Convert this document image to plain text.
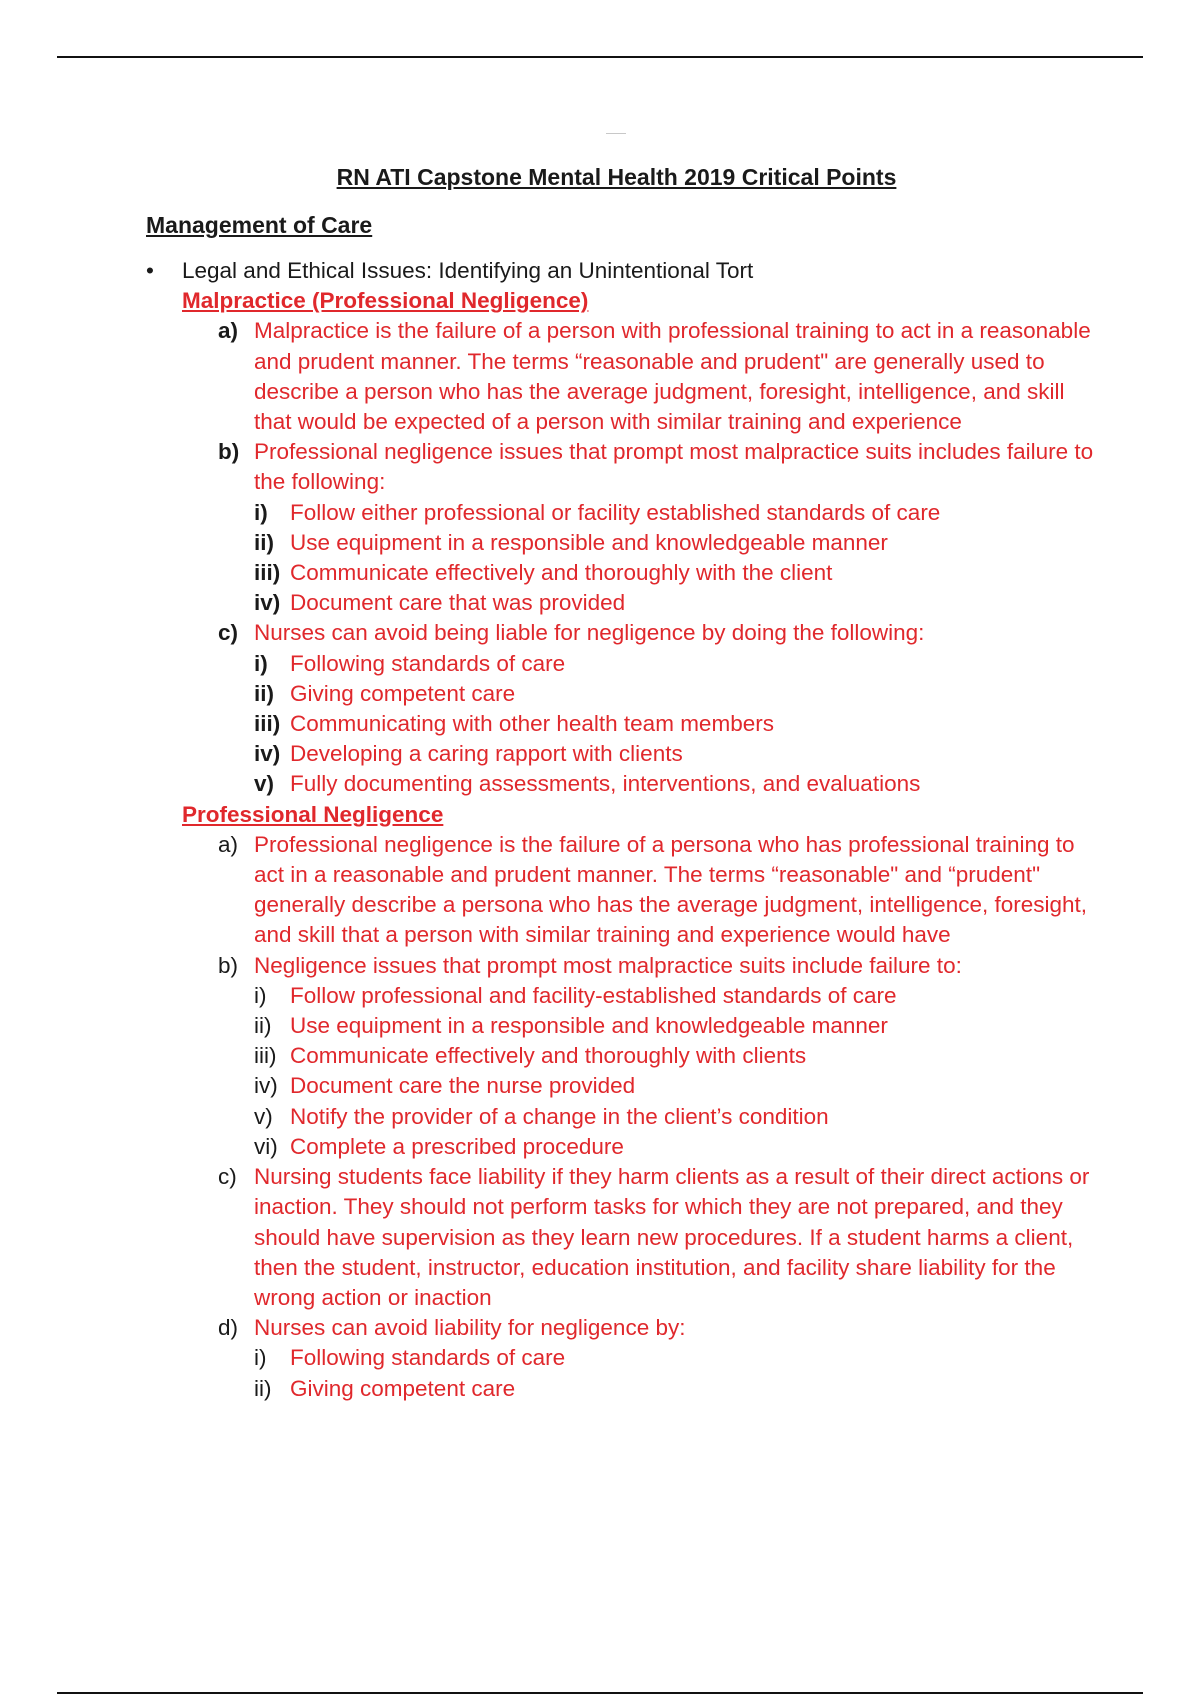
RN ATI Capstone Mental Health 2019 Critical Points
Management of Care
• Legal and Ethical Issues: Identifying an Unintentional Tort
Malpractice (Professional Negligence)
a) Malpractice is the failure of a person with professional training to act in a reasonable and prudent manner. The terms “reasonable and prudent" are generally used to describe a person who has the average judgment, foresight, intelligence, and skill that would be expected of a person with similar training and experience
b) Professional negligence issues that prompt most malpractice suits includes failure to the following:
i) Follow either professional or facility established standards of care
ii) Use equipment in a responsible and knowledgeable manner
iii) Communicate effectively and thoroughly with the client
iv) Document care that was provided
c) Nurses can avoid being liable for negligence by doing the following:
i) Following standards of care
ii) Giving competent care
iii) Communicating with other health team members
iv) Developing a caring rapport with clients
v) Fully documenting assessments, interventions, and evaluations
Professional Negligence
a) Professional negligence is the failure of a persona who has professional training to act in a reasonable and prudent manner. The terms “reasonable" and “prudent" generally describe a persona who has the average judgment, intelligence, foresight, and skill that a person with similar training and experience would have
b) Negligence issues that prompt most malpractice suits include failure to:
i) Follow professional and facility-established standards of care
ii) Use equipment in a responsible and knowledgeable manner
iii) Communicate effectively and thoroughly with clients
iv) Document care the nurse provided
v) Notify the provider of a change in the client’s condition
vi) Complete a prescribed procedure
c) Nursing students face liability if they harm clients as a result of their direct actions or inaction. They should not perform tasks for which they are not prepared, and they should have supervision as they learn new procedures. If a student harms a client, then the student, instructor, education institution, and facility share liability for the wrong action or inaction
d) Nurses can avoid liability for negligence by:
i) Following standards of care
ii) Giving competent care
